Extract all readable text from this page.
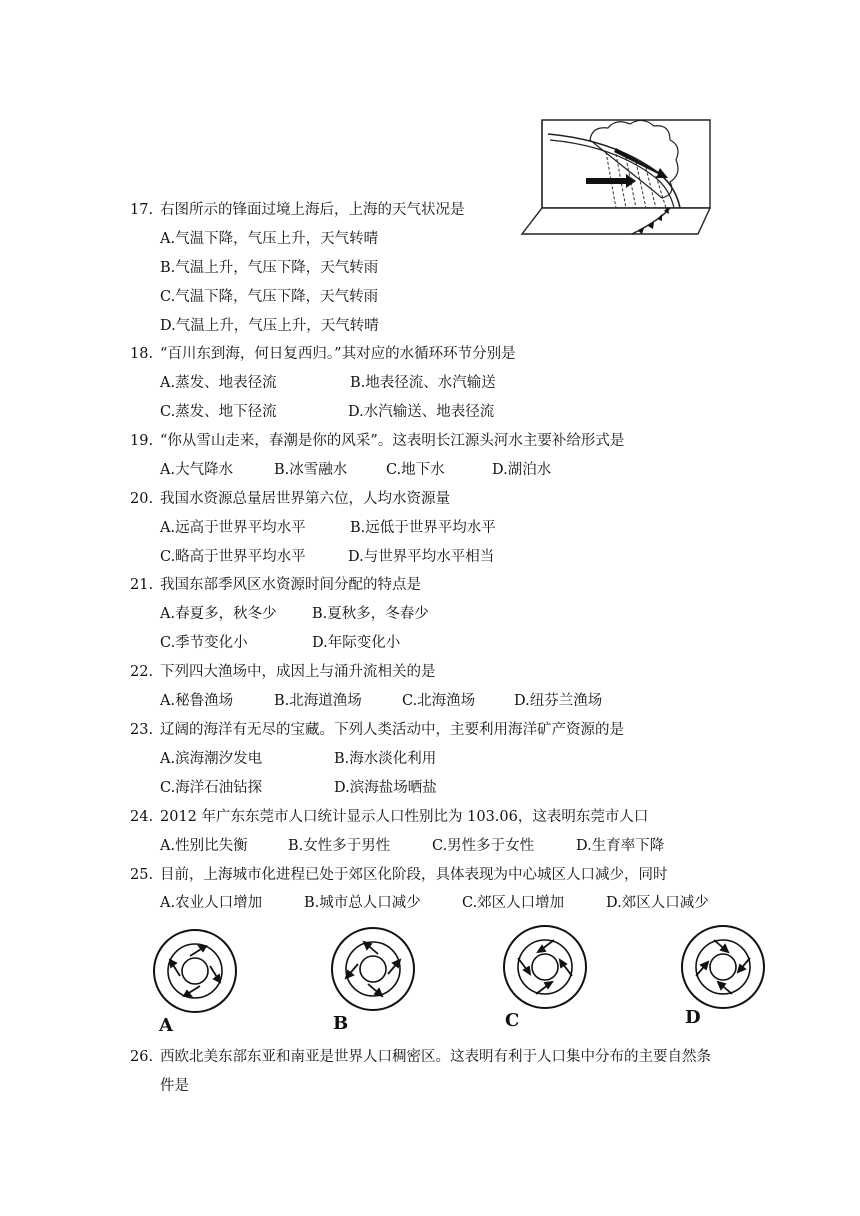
17. 右图所示的锋面过境上海后，上海的天气状况是
A.气温下降，气压上升，天气转晴
B.气温上升，气压下降，天气转雨
C.气温下降，气压下降，天气转雨
D.气温上升，气压上升，天气转晴
18. “百川东到海，何日复西归。”其对应的水循环环节分别是
A.蒸发、地表径流	B.地表径流、水汽输送
C.蒸发、地下径流	D.水汽输送、地表径流
19. “你从雪山走来，春潮是你的风采”。这表明长江源头河水主要补给形式是
A.大气降水	B.冰雪融水	C.地下水	D.湖泊水
20. 我国水资源总量居世界第六位，人均水资源量
A.远高于世界平均水平	B.远低于世界平均水平
C.略高于世界平均水平	D.与世界平均水平相当
21. 我国东部季风区水资源时间分配的特点是
A.春夏多，秋冬少 B.夏秋多，冬春少
C.季节变化小	D.年际变化小
22. 下列四大渔场中，成因上与涌升流相关的是
A.秘鲁渔场	B.北海道渔场	C.北海渔场	D.纽芬兰渔场
23. 辽阔的海洋有无尽的宝藏。下列人类活动中，主要利用海洋矿产资源的是
A.滨海潮汐发电	B.海水淡化利用
C.海洋石油钻探	D.滨海盐场晒盐
24. 2012 年广东东莞市人口统计显示人口性别比为 103.06，这表明东莞市人口
A.性别比失衡	B.女性多于男性	C.男性多于女性	D.生育率下降
25. 目前，上海城市化进程已处于郊区化阶段，具体表现为中心城区人口减少，同时
A.农业人口增加	B.城市总人口减少	C.郊区人口增加	D.郊区人口减少
A	B	C	D
26. 西欧北美东部东亚和南亚是世界人口稠密区。这表明有利于人口集中分布的主要自然条
件是
